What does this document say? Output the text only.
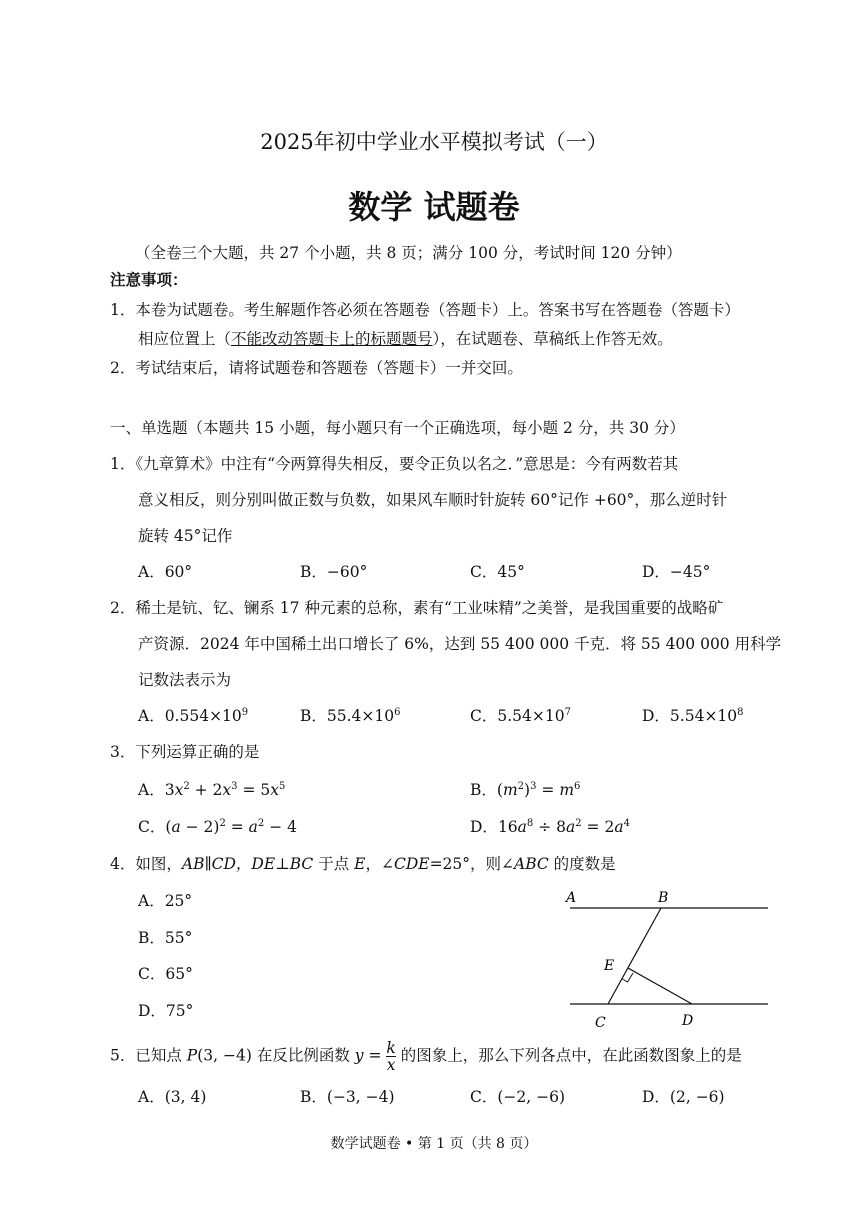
2025年初中学业水平模拟考试（一）
数学 试题卷
（全卷三个大题，共 27 个小题，共 8 页；满分 100 分，考试时间 120 分钟）
注意事项：
1．本卷为试题卷。考生解题作答必须在答题卷（答题卡）上。答案书写在答题卷（答题卡）
相应位置上（不能改动答题卡上的标题题号），在试题卷、草稿纸上作答无效。
2．考试结束后，请将试题卷和答题卷（答题卡）一并交回。
一、单选题（本题共 15 小题，每小题只有一个正确选项，每小题 2 分，共 30 分）
1．《九章算术》中注有“今两算得失相反，要令正负以名之．”意思是：今有两数若其
意义相反，则分别叫做正数与负数，如果风车顺时针旋转 60°记作 +60°，那么逆时针
旋转 45°记作
A．60°	B．−60°	C．45°	D．−45°
2．稀土是钪、钇、镧系 17 种元素的总称，素有“工业味精”之美誉，是我国重要的战略矿
产资源．2024 年中国稀土出口增长了 6%，达到 55 400 000 千克．将 55 400 000 用科学
记数法表示为
A．$0.554\times 10^9$	B．$55.4\times 10^6$	C．$5.54\times 10^7$	D．$5.54\times 10^8$
3．下列运算正确的是
A．$3x^2 + 2x^3 = 5x^5$	B．$(m^2)^3 = m^6$
C．$(a - 2)^2 = a^2 - 4$	D．$16a^8 \div 8a^2 = 2a^4$
4．如图，AB∥CD，DE⊥BC 于点 E，∠CDE=25°，则∠ABC 的度数是
A．25°
B．55°
C．65°
D．75°
A	B
C	D
E
5．已知点 P(3, −4) 在反比例函数 $y = \frac{k}{x}$ 的图象上，那么下列各点中，在此函数图象上的是
A．(3, 4)	B．(−3, −4)	C．(−2, −6)	D．(2, −6)
数学试题卷 • 第 1 页（共 8 页）
